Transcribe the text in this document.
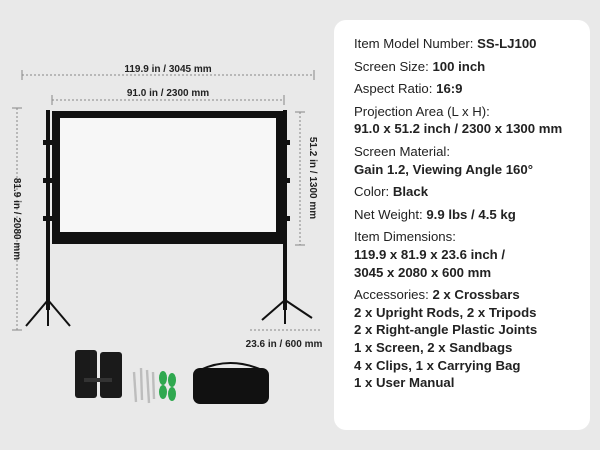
119.9 in / 3045 mm
91.0 in / 2300 mm
81.9 in / 2080 mm	51.2 in / 1300 mm
23.6 in / 600 mm
Item Model Number: SS-LJ100
Screen Size: 100 inch
Aspect Ratio: 16:9
Projection Area (L x H):
91.0 x 51.2 inch / 2300 x 1300 mm
Screen Material:
Gain 1.2, Viewing Angle 160°
Color: Black
Net Weight: 9.9 lbs / 4.5 kg
Item Dimensions:
119.9 x 81.9 x 23.6 inch /
3045 x 2080 x 600 mm
Accessories: 2 x Crossbars
2 x Upright Rods, 2 x Tripods
2 x Right-angle Plastic Joints
1 x Screen, 2 x Sandbags
4 x Clips, 1 x Carrying Bag
1 x User Manual
